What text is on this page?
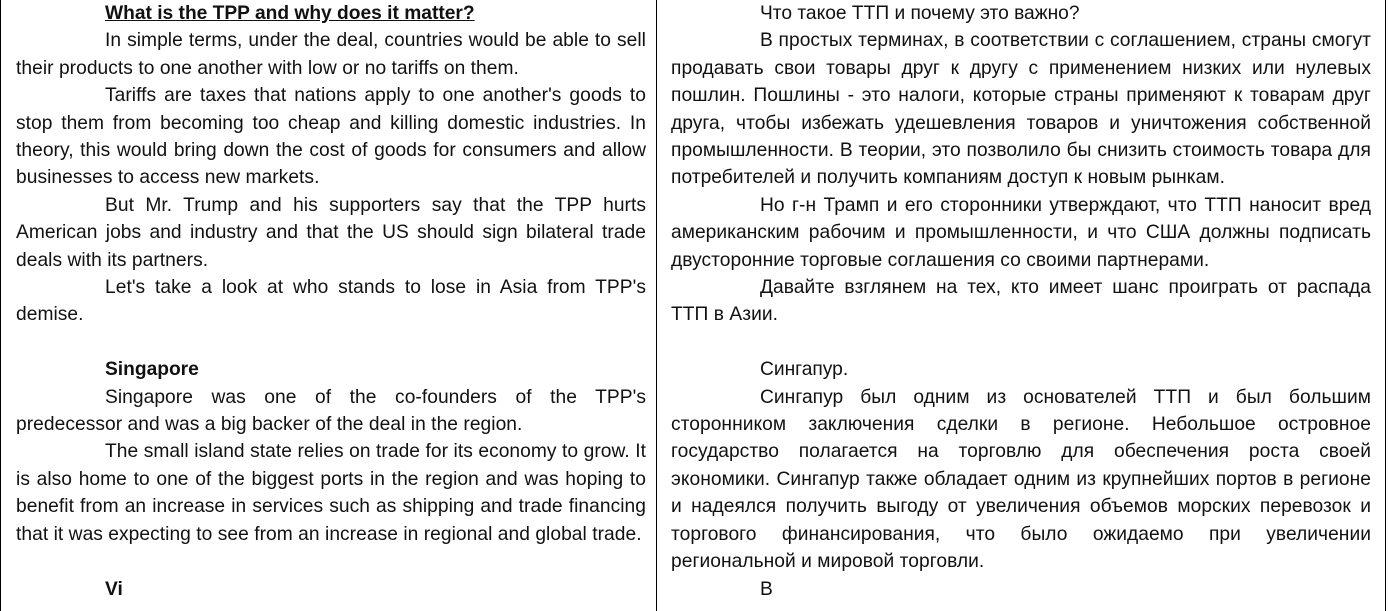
What is the TPP and why does it matter?

In simple terms, under the deal, countries would be able to sell their products to one another with low or no tariffs on them.

Tariffs are taxes that nations apply to one another's goods to stop them from becoming too cheap and killing domestic industries. In theory, this would bring down the cost of goods for consumers and allow businesses to access new markets.

But Mr. Trump and his supporters say that the TPP hurts American jobs and industry and that the US should sign bilateral trade deals with its partners.

Let's take a look at who stands to lose in Asia from TPP's demise.

Singapore

Singapore was one of the co-founders of the TPP's predecessor and was a big backer of the deal in the region.

The small island state relies on trade for its economy to grow. It is also home to one of the biggest ports in the region and was hoping to benefit from an increase in services such as shipping and trade financing that it was expecting to see from an increase in regional and global trade.

Vi

Что такое ТТП и почему это важно?

В простых терминах, в соответствии с соглашением, страны смогут продавать свои товары друг к другу с применением низких или нулевых пошлин. Пошлины - это налоги, которые страны применяют к товарам друг друга, чтобы избежать удешевления товаров и уничтожения собственной промышленности. В теории, это позволило бы снизить стоимость товара для потребителей и получить компаниям доступ к новым рынкам.

Но г-н Трамп и его сторонники утверждают, что ТТП наносит вред американским рабочим и промышленности, и что США должны подписать двусторонние торговые соглашения со своими партнерами.

Давайте взглянем на тех, кто имеет шанс проиграть от распада ТТП в Азии.

Сингапур.

Сингапур был одним из основателей ТТП и был большим сторонником заключения сделки в регионе. Небольшое островное государство полагается на торговлю для обеспечения роста своей экономики. Сингапур также обладает одним из крупнейших портов в регионе и надеялся получить выгоду от увеличения объемов морских перевозок и торгового финансирования, что было ожидаемо при увеличении региональной и мировой торговли.

В
